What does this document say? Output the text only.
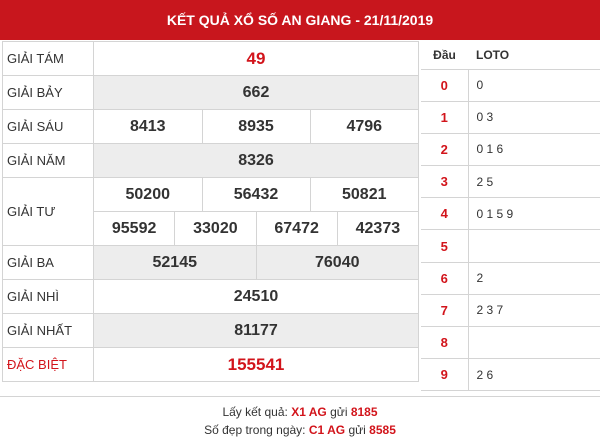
KẾT QUẢ XỔ SỐ AN GIANG - 21/11/2019
GIẢI TÁM	49
GIẢI BẢY	662
GIẢI SÁU		8413	8935	4796

GIẢI NĂM	8326
GIẢI TƯ	
50200	56432	50821

95592	33020	67472	42373
GIẢI BA	52145	76040
GIẢI NHÌ	24510
GIẢI NHẤT	81177
ĐẶC BIỆT	155541
Đầu	LOTO
0	0
1	0 3
2	0 1 6
3	2 5
4	0 1 5 9
5	
6	2
7	2 3 7
8	
9	2 6
Lấy kết quả: X1 AG gửi 8185
Số đẹp trong ngày: C1 AG gửi 8585
